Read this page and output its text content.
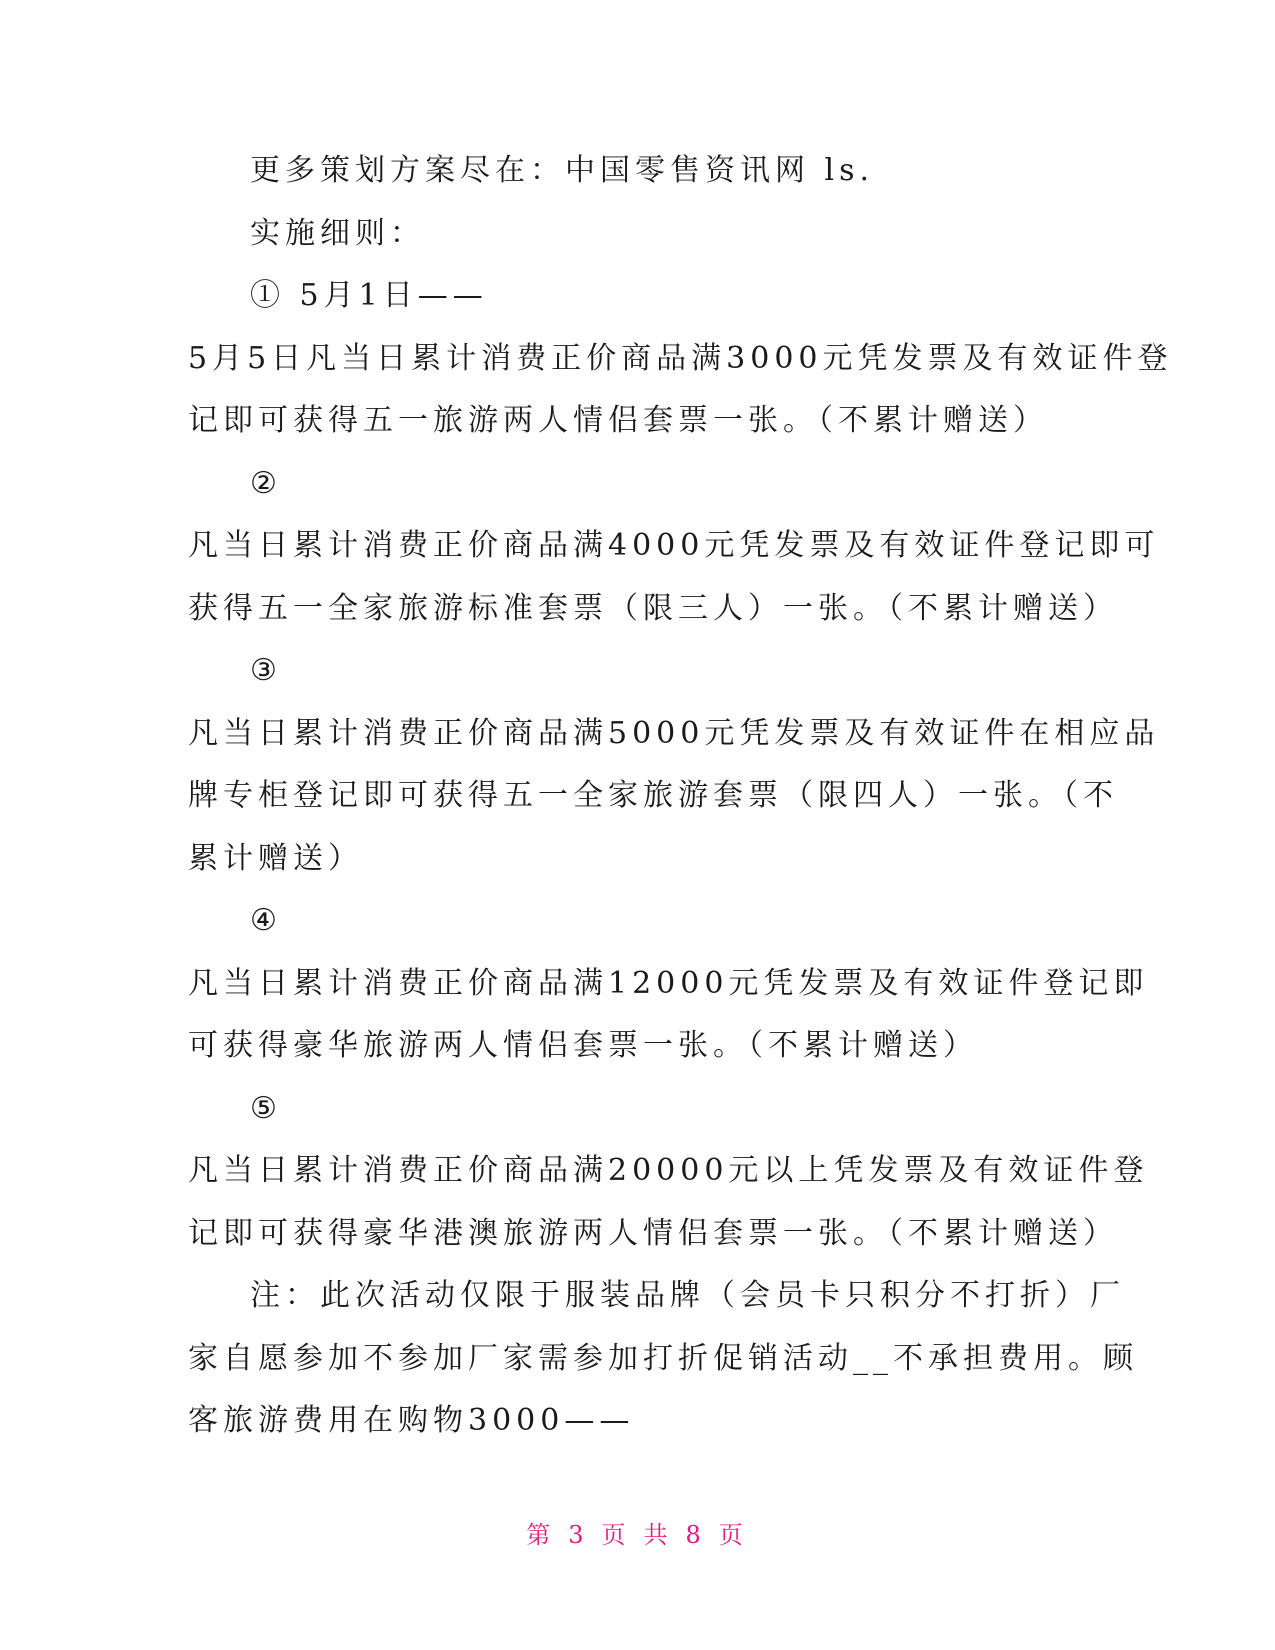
更多策划方案尽在：中国零售资讯网 ls.
实施细则：
① 5月1日——
5月5日凡当日累计消费正价商品满3000元凭发票及有效证件登
记即可获得五一旅游两人情侣套票一张。（不累计赠送）
②
凡当日累计消费正价商品满4000元凭发票及有效证件登记即可
获得五一全家旅游标准套票（限三人）一张。（不累计赠送）
③
凡当日累计消费正价商品满5000元凭发票及有效证件在相应品
牌专柜登记即可获得五一全家旅游套票（限四人）一张。（不
累计赠送）
④
凡当日累计消费正价商品满12000元凭发票及有效证件登记即
可获得豪华旅游两人情侣套票一张。（不累计赠送）
⑤
凡当日累计消费正价商品满20000元以上凭发票及有效证件登
记即可获得豪华港澳旅游两人情侣套票一张。（不累计赠送）
注：此次活动仅限于服装品牌（会员卡只积分不打折）厂
家自愿参加不参加厂家需参加打折促销活动__不承担费用。顾
客旅游费用在购物3000——
第 3 页 共 8 页
